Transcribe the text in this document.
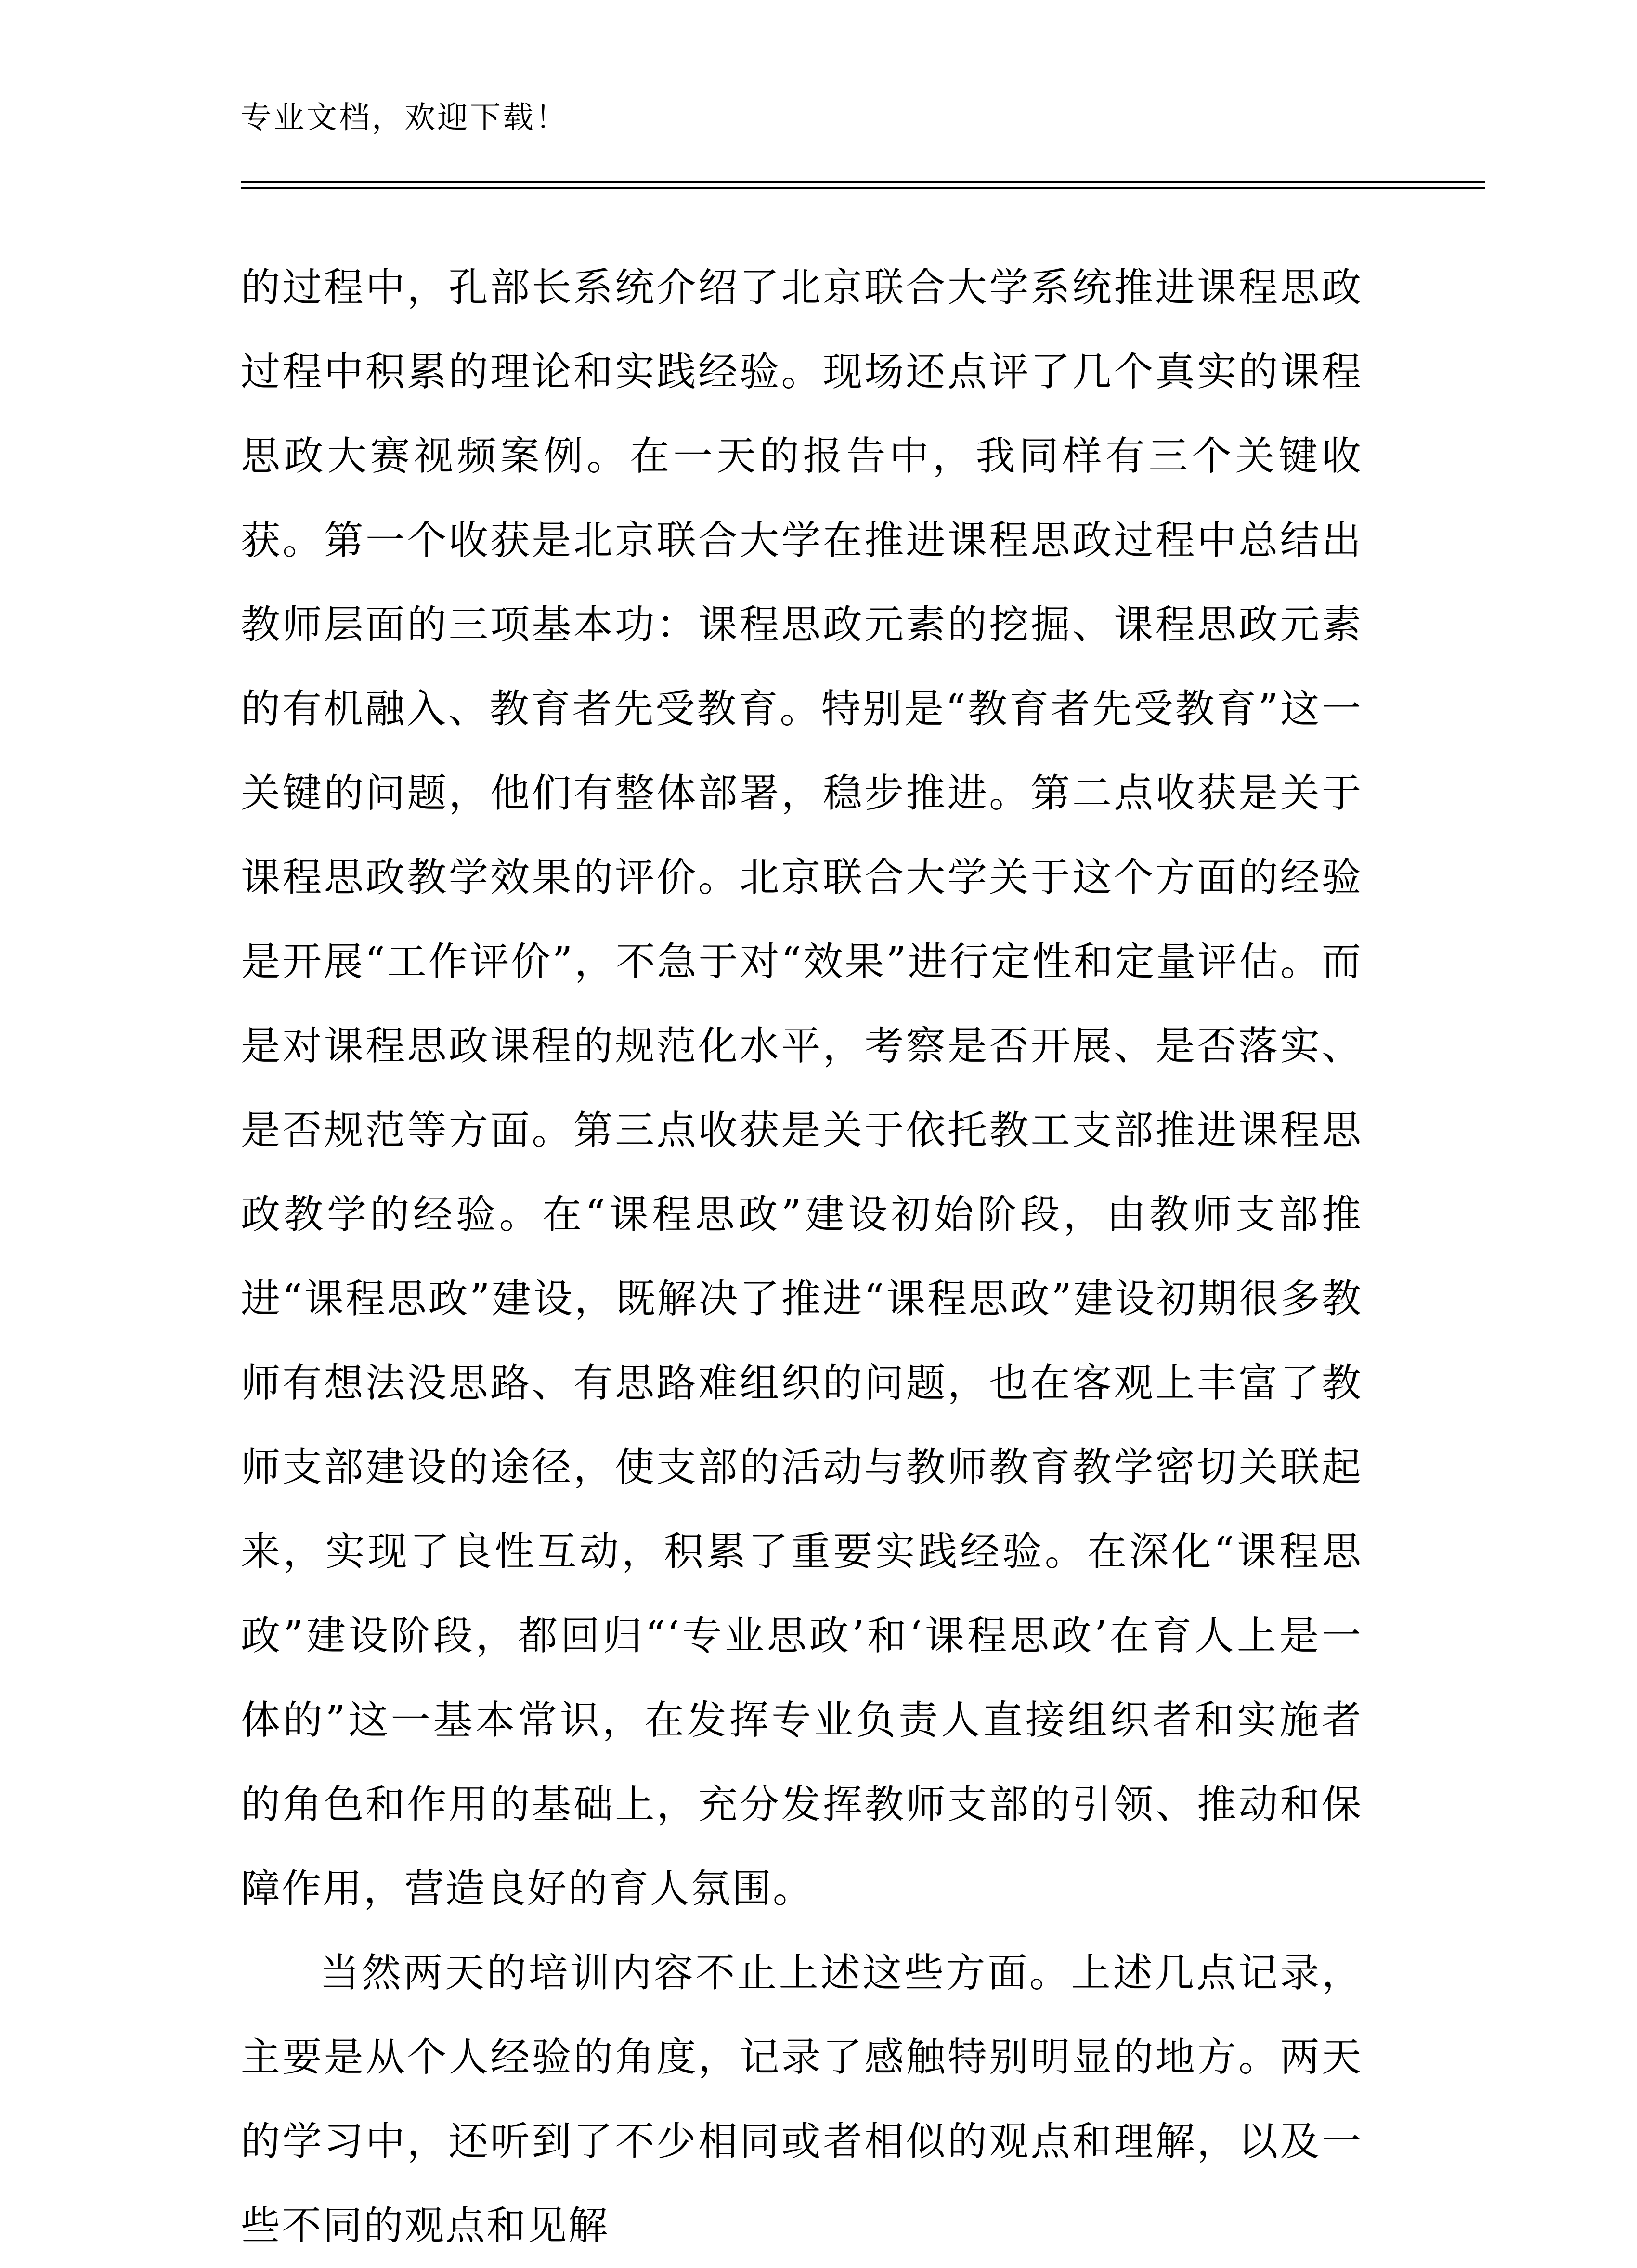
专业文档，欢迎下载！

的过程中，孔部长系统介绍了北京联合大学系统推进课程思政过程中积累的理论和实践经验。现场还点评了几个真实的课程思政大赛视频案例。在一天的报告中，我同样有三个关键收获。第一个收获是北京联合大学在推进课程思政过程中总结出教师层面的三项基本功：课程思政元素的挖掘、课程思政元素的有机融入、教育者先受教育。特别是“教育者先受教育”这一关键的问题，他们有整体部署，稳步推进。第二点收获是关于课程思政教学效果的评价。北京联合大学关于这个方面的经验是开展“工作评价”，不急于对“效果”进行定性和定量评估。而是对课程思政课程的规范化水平，考察是否开展、是否落实、是否规范等方面。第三点收获是关于依托教工支部推进课程思政教学的经验。在“课程思政”建设初始阶段，由教师支部推进“课程思政”建设，既解决了推进“课程思政”建设初期很多教师有想法没思路、有思路难组织的问题，也在客观上丰富了教师支部建设的途径，使支部的活动与教师教育教学密切关联起来，实现了良性互动，积累了重要实践经验。在深化“课程思政”建设阶段，都回归“‘专业思政’和‘课程思政’在育人上是一体的”这一基本常识，在发挥专业负责人直接组织者和实施者的角色和作用的基础上，充分发挥教师支部的引领、推动和保障作用，营造良好的育人氛围。

当然两天的培训内容不止上述这些方面。上述几点记录，主要是从个人经验的角度，记录了感触特别明显的地方。两天的学习中，还听到了不少相同或者相似的观点和理解，以及一些不同的观点和见解
